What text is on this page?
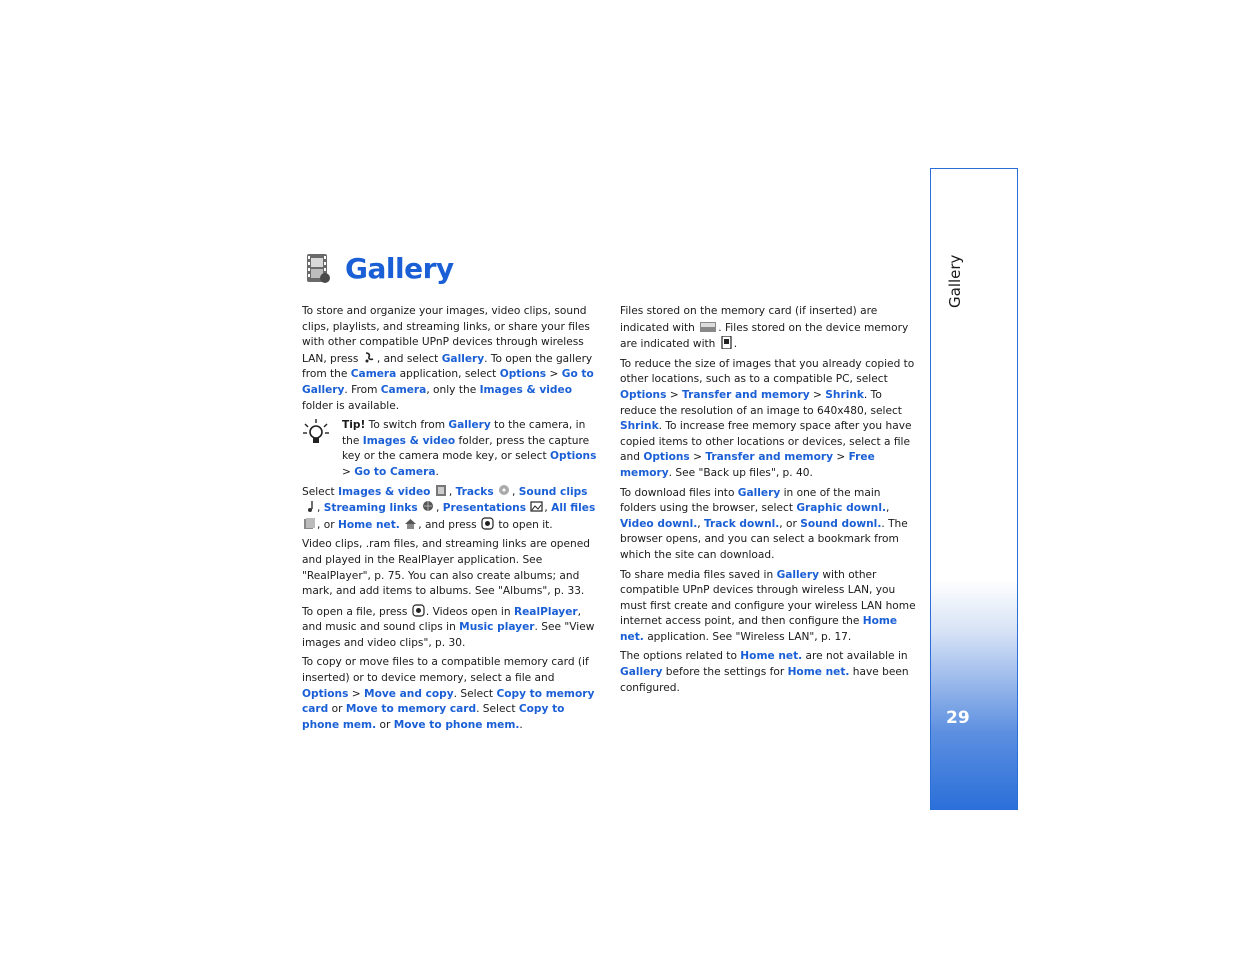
Gallery

To store and organize your images, video clips, sound clips, playlists, and streaming links, or share your files with other compatible UPnP devices through wireless LAN, press , and select Gallery. To open the gallery from the Camera application, select Options > Go to Gallery. From Camera, only the Images & video folder is available.

Tip! To switch from Gallery to the camera, in the Images & video folder, press the capture key or the camera mode key, or select Options > Go to Camera.

Select Images & video , Tracks , Sound clips , Streaming links , Presentations , All files , or Home net. , and press  to open it.

Video clips, .ram files, and streaming links are opened and played in the RealPlayer application. See "RealPlayer", p. 75. You can also create albums; and mark, and add items to albums. See "Albums", p. 33.

To open a file, press . Videos open in RealPlayer, and music and sound clips in Music player. See "View images and video clips", p. 30.

To copy or move files to a compatible memory card (if inserted) or to device memory, select a file and Options > Move and copy. Select Copy to memory card or Move to memory card. Select Copy to phone mem. or Move to phone mem..

Files stored on the memory card (if inserted) are indicated with . Files stored on the device memory are indicated with .

To reduce the size of images that you already copied to other locations, such as to a compatible PC, select Options > Transfer and memory > Shrink. To reduce the resolution of an image to 640x480, select Shrink. To increase free memory space after you have copied items to other locations or devices, select a file and Options > Transfer and memory > Free memory. See "Back up files", p. 40.

To download files into Gallery in one of the main folders using the browser, select Graphic downl., Video downl., Track downl., or Sound downl.. The browser opens, and you can select a bookmark from which the site can download.

To share media files saved in Gallery with other compatible UPnP devices through wireless LAN, you must first create and configure your wireless LAN home internet access point, and then configure the Home net. application. See "Wireless LAN", p. 17.

The options related to Home net. are not available in Gallery before the settings for Home net. have been configured.

Gallery
29
